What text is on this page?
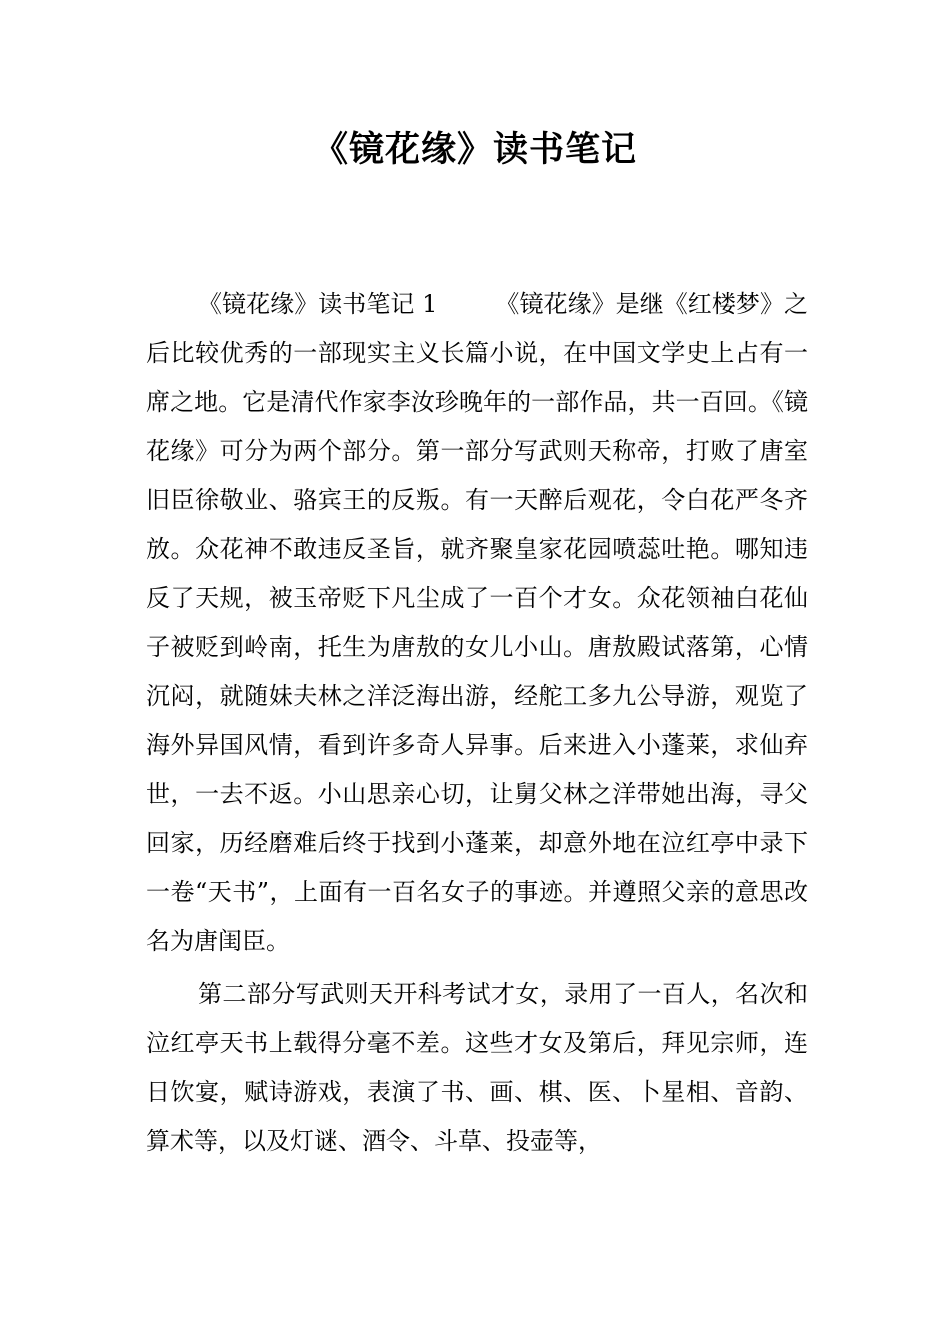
《镜花缘》读书笔记

《镜花缘》读书笔记 1 《镜花缘》是继《红楼梦》之后比较优秀的一部现实主义长篇小说，在中国文学史上占有一席之地。它是清代作家李汝珍晚年的一部作品，共一百回。《镜花缘》可分为两个部分。第一部分写武则天称帝，打败了唐室旧臣徐敬业、骆宾王的反叛。有一天醉后观花，令白花严冬齐放。众花神不敢违反圣旨，就齐聚皇家花园喷蕊吐艳。哪知违反了天规，被玉帝贬下凡尘成了一百个才女。众花领袖白花仙子被贬到岭南，托生为唐敖的女儿小山。唐敖殿试落第，心情沉闷，就随妹夫林之洋泛海出游，经舵工多九公导游，观览了海外异国风情，看到许多奇人异事。后来进入小蓬莱，求仙弃世，一去不返。小山思亲心切，让舅父林之洋带她出海，寻父回家，历经磨难后终于找到小蓬莱，却意外地在泣红亭中录下一卷“天书”，上面有一百名女子的事迹。并遵照父亲的意思改名为唐闺臣。

第二部分写武则天开科考试才女，录用了一百人，名次和泣红亭天书上载得分毫不差。这些才女及第后，拜见宗师，连日饮宴，赋诗游戏，表演了书、画、棋、医、卜星相、音韵、算术等，以及灯谜、酒令、斗草、投壶等，
